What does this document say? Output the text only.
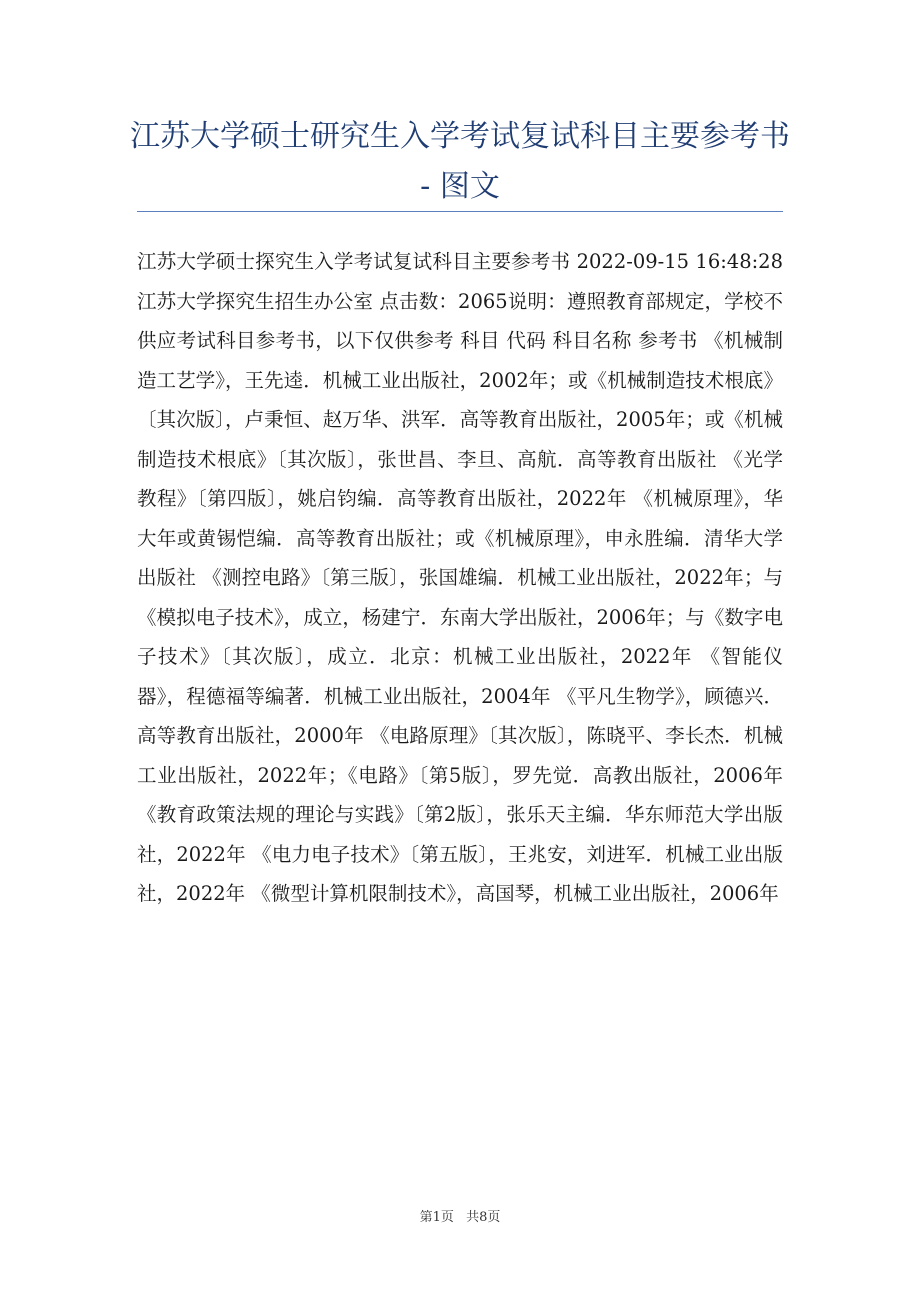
江苏大学硕士研究生入学考试复试科目主要参考书
- 图文

江苏大学硕士探究生入学考试复试科目主要参考书 2022-09-15 16:48:28江苏大学探究生招生办公室 点击数：2065说明：遵照教育部规定，学校不供应考试科目参考书，以下仅供参考 科目 代码 科目名称 参考书 《机械制造工艺学》，王先逵．机械工业出版社，2002年；或《机械制造技术根底》〔其次版〕，卢秉恒、赵万华、洪军．高等教育出版社，2005年；或《机械制造技术根底》〔其次版〕，张世昌、李旦、高航．高等教育出版社 《光学教程》〔第四版〕，姚启钧编．高等教育出版社，2022年 《机械原理》，华大年或黄锡恺编．高等教育出版社；或《机械原理》，申永胜编．清华大学出版社 《测控电路》〔第三版〕，张国雄编．机械工业出版社，2022年；与《模拟电子技术》，成立，杨建宁．东南大学出版社，2006年；与《数字电子技术》〔其次版〕，成立．北京：机械工业出版社，2022年 《智能仪器》，程德福等编著．机械工业出版社，2004年 《平凡生物学》，顾德兴．高等教育出版社，2000年 《电路原理》〔其次版〕，陈晓平、李长杰．机械工业出版社，2022年；《电路》〔第5版〕，罗先觉．高教出版社，2006年 《教育政策法规的理论与实践》〔第2版〕，张乐天主编．华东师范大学出版社，2022年 《电力电子技术》〔第五版〕，王兆安，刘进军．机械工业出版社，2022年 《微型计算机限制技术》，高国琴，机械工业出版社，2006年

第1页 共8页
